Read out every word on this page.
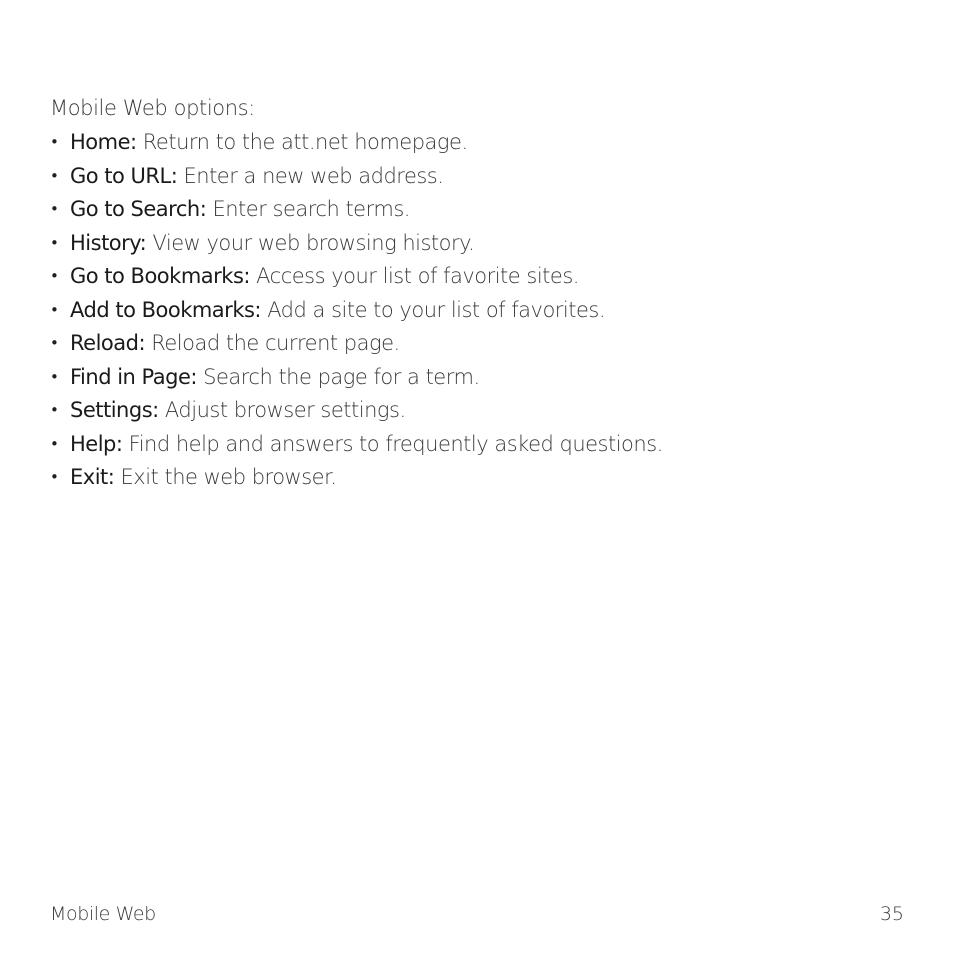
Mobile Web options:

• Home: Return to the att.net homepage.
• Go to URL: Enter a new web address.
• Go to Search: Enter search terms.
• History: View your web browsing history.
• Go to Bookmarks: Access your list of favorite sites.
• Add to Bookmarks: Add a site to your list of favorites.
• Reload: Reload the current page.
• Find in Page: Search the page for a term.
• Settings: Adjust browser settings.
• Help: Find help and answers to frequently asked questions.
• Exit: Exit the web browser.
Mobile Web	35
